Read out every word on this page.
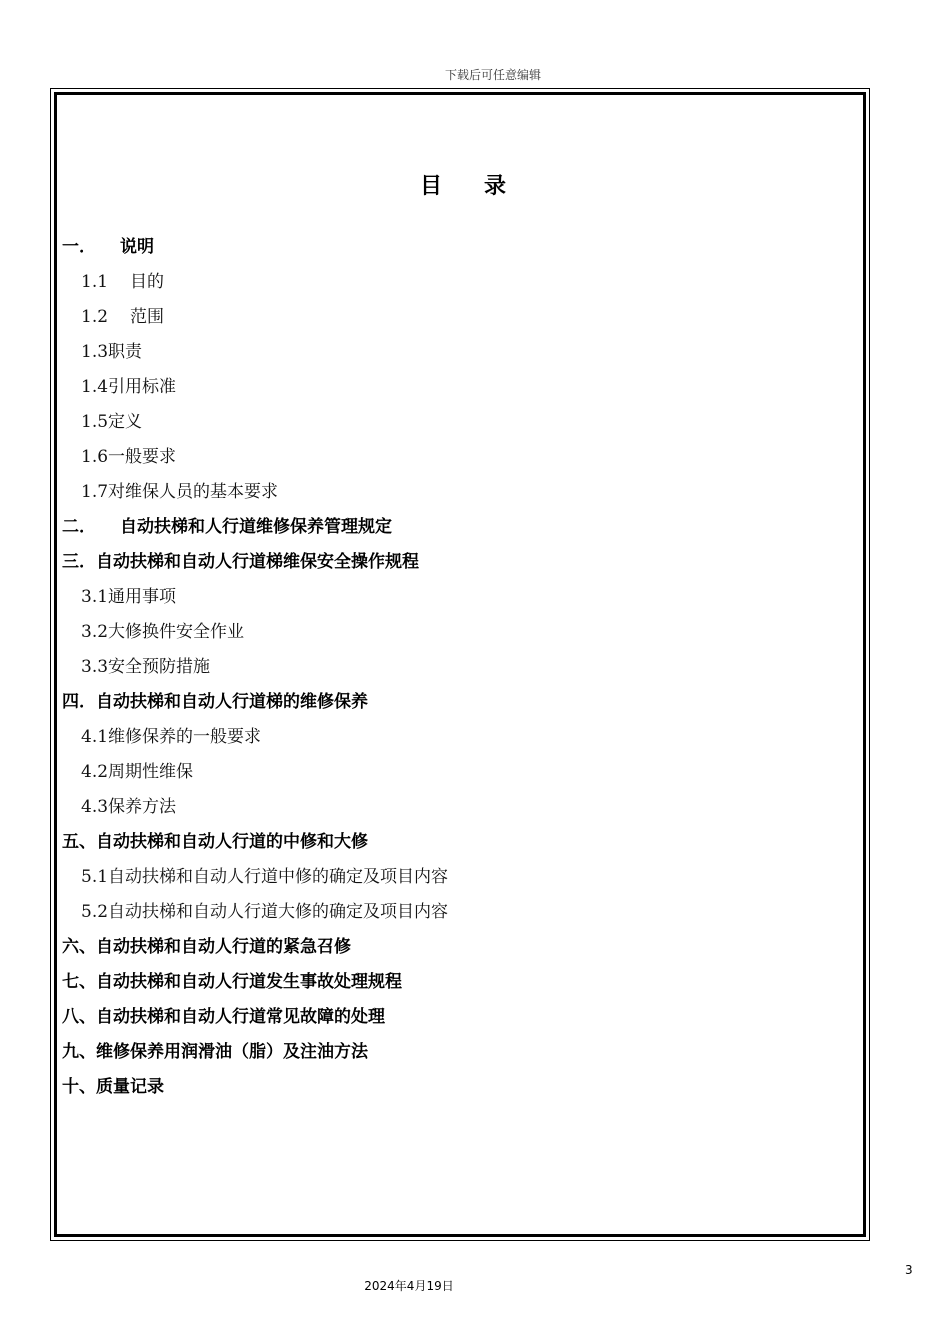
下载后可任意编辑
目 录
一． 说明
1.1 目的
1.2 范围
1.3职责
1.4引用标准
1.5定义
1.6一般要求
1.7对维保人员的基本要求
二． 自动扶梯和人行道维修保养管理规定
三．自动扶梯和自动人行道梯维保安全操作规程
3.1通用事项
3.2大修换件安全作业
3.3安全预防措施
四．自动扶梯和自动人行道梯的维修保养
4.1维修保养的一般要求
4.2周期性维保
4.3保养方法
五、自动扶梯和自动人行道的中修和大修
5.1自动扶梯和自动人行道中修的确定及项目内容
5.2自动扶梯和自动人行道大修的确定及项目内容
六、自动扶梯和自动人行道的紧急召修
七、自动扶梯和自动人行道发生事故处理规程
八、自动扶梯和自动人行道常见故障的处理
九、维修保养用润滑油（脂）及注油方法
十、质量记录
3
2024年4月19日
